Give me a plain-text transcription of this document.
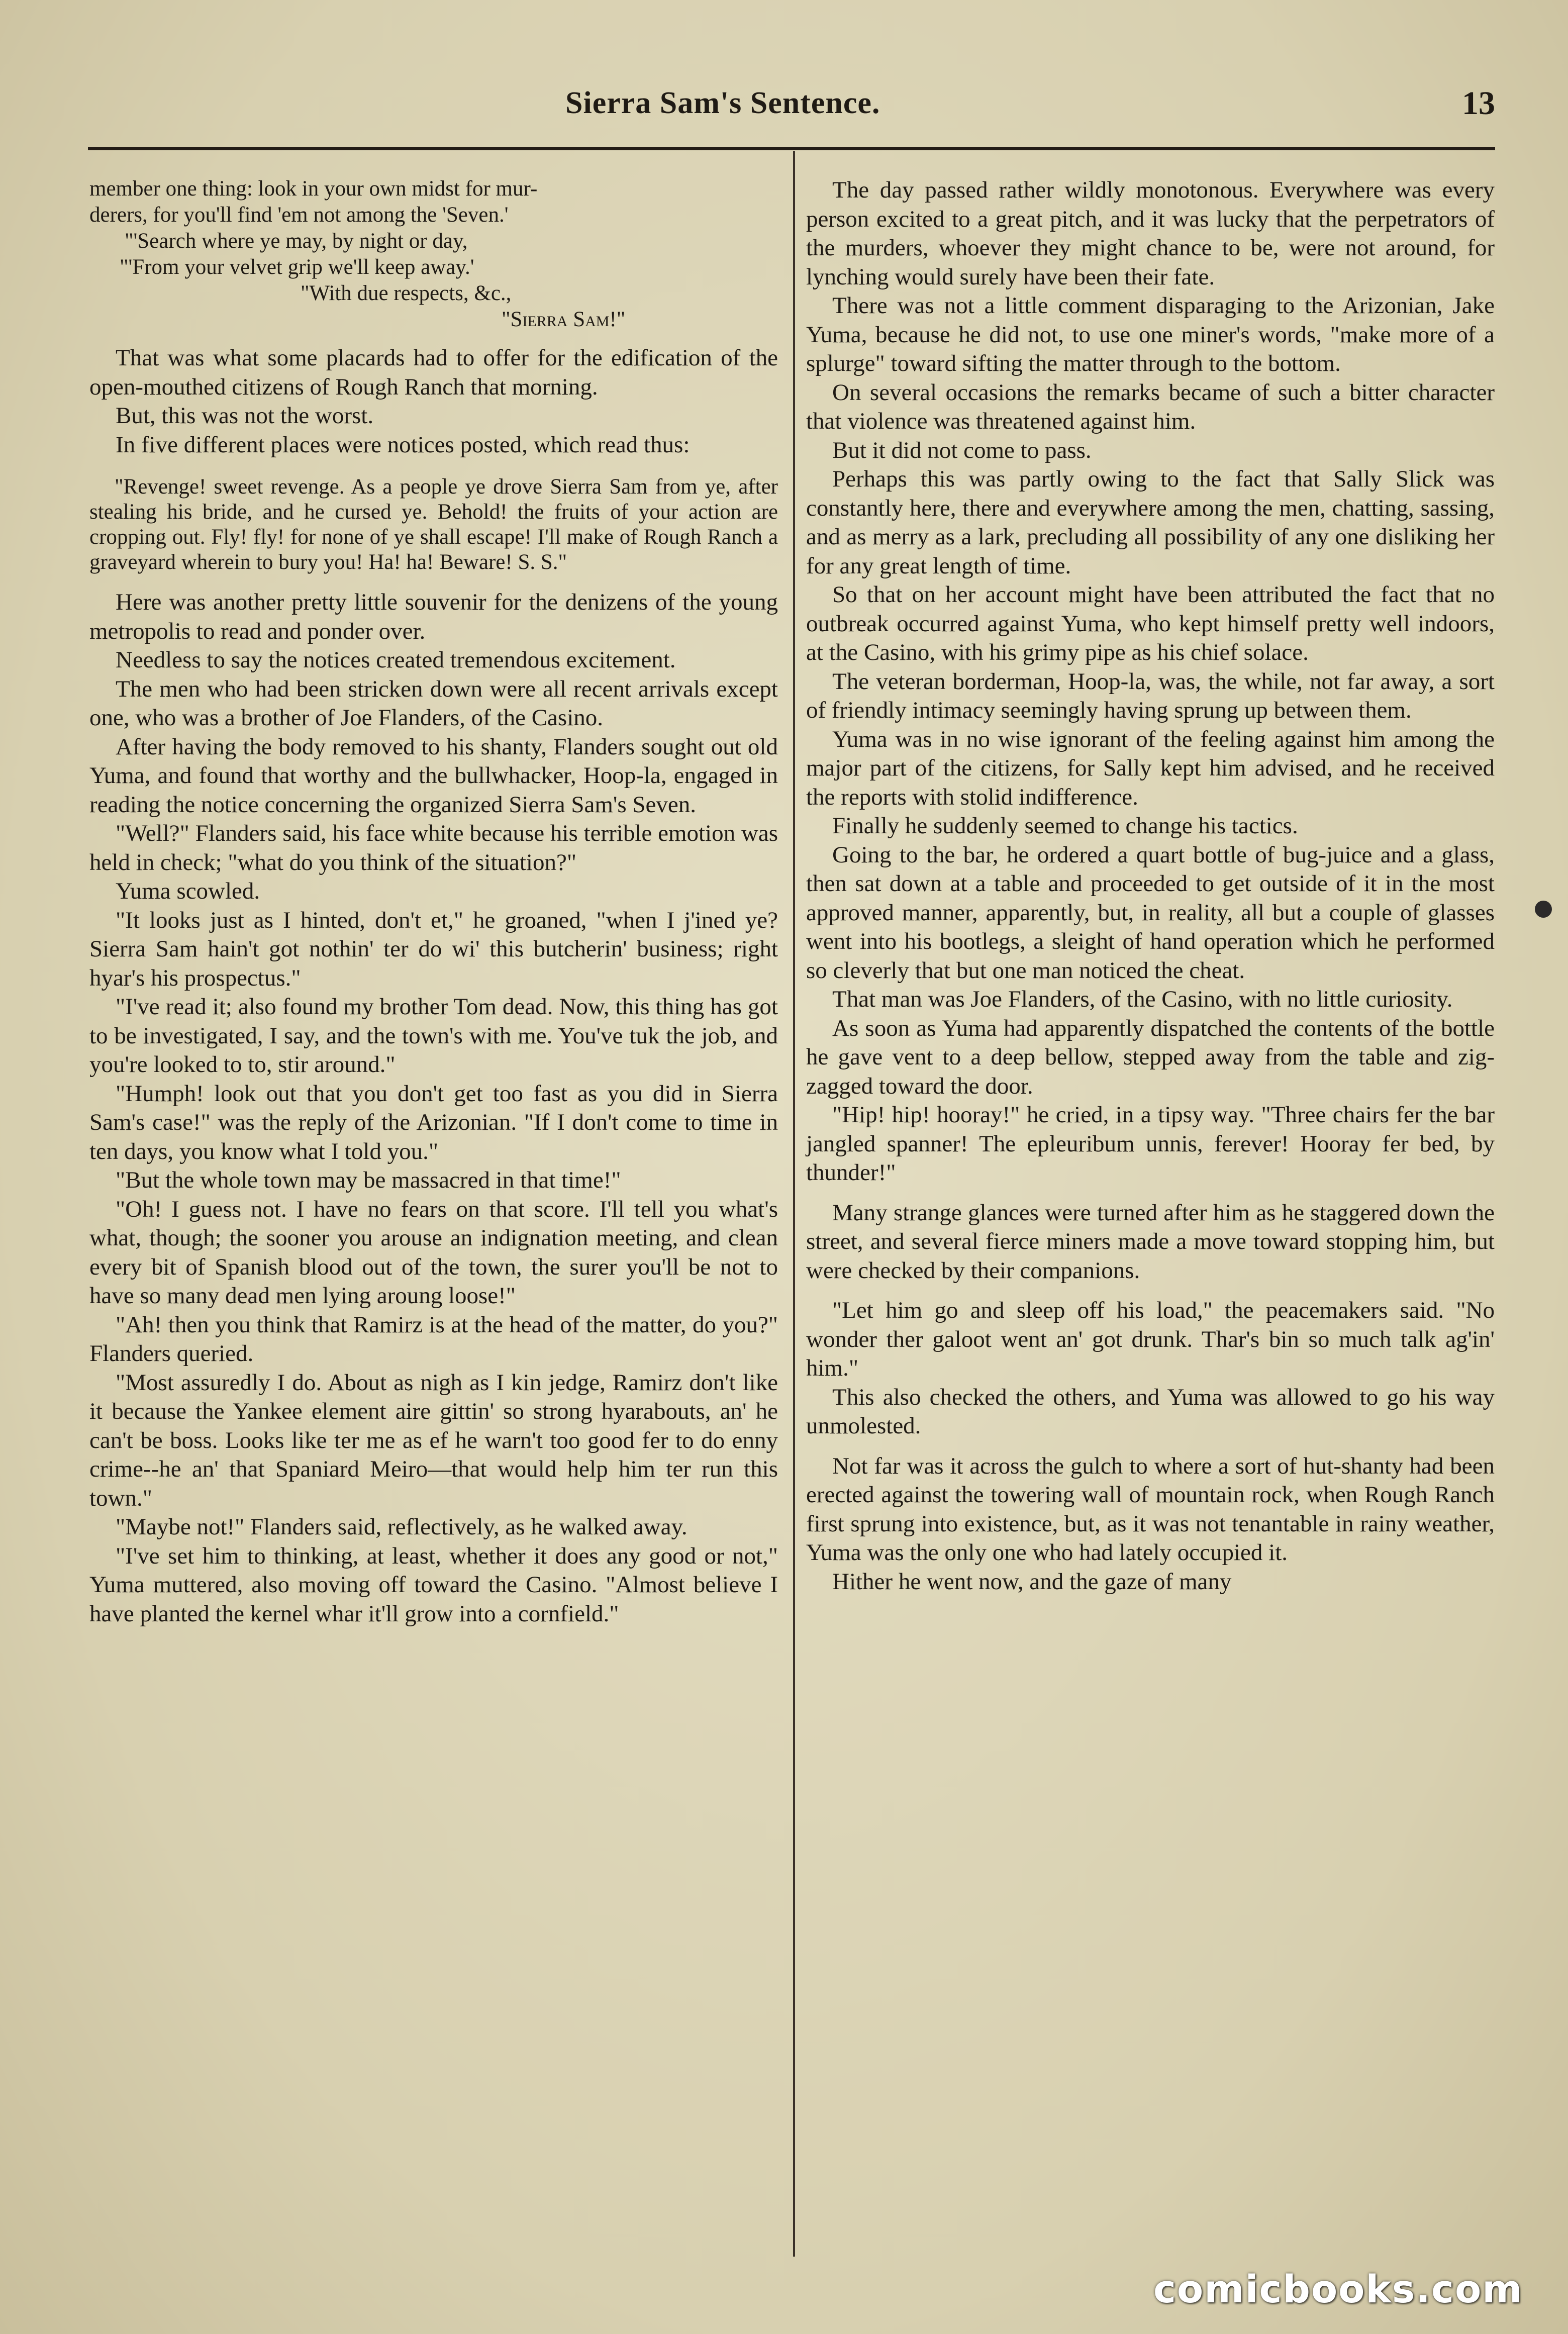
Sierra Sam's Sentence.	13

member one thing: look in your own midst for mur-

derers, for you'll find 'em not among the 'Seven.'

"'Search where ye may, by night or day,

"'From your velvet grip we'll keep away.'

"With due respects, &c.,

"Sierra Sam!"

That was what some placards had to offer for the edification of the open-mouthed citizens of Rough Ranch that morning.

But, this was not the worst.

In five different places were notices posted, which read thus:

"Revenge! sweet revenge. As a people ye drove Sierra Sam from ye, after stealing his bride, and he cursed ye. Behold! the fruits of your action are cropping out. Fly! fly! for none of ye shall escape! I'll make of Rough Ranch a graveyard wherein to bury you! Ha! ha! Beware! S. S."

Here was another pretty little souvenir for the denizens of the young metropolis to read and ponder over.

Needless to say the notices created tremendous excitement.

The men who had been stricken down were all recent arrivals except one, who was a brother of Joe Flanders, of the Casino.

After having the body removed to his shanty, Flanders sought out old Yuma, and found that worthy and the bullwhacker, Hoop-la, engaged in reading the notice concerning the organized Sierra Sam's Seven.

"Well?" Flanders said, his face white because his terrible emotion was held in check; "what do you think of the situation?"

Yuma scowled.

"It looks just as I hinted, don't et," he groaned, "when I j'ined ye? Sierra Sam hain't got nothin' ter do wi' this butcherin' business; right hyar's his prospectus."

"I've read it; also found my brother Tom dead. Now, this thing has got to be investigated, I say, and the town's with me. You've tuk the job, and you're looked to to, stir around."

"Humph! look out that you don't get too fast as you did in Sierra Sam's case!" was the reply of the Arizonian. "If I don't come to time in ten days, you know what I told you."

"But the whole town may be massacred in that time!"

"Oh! I guess not. I have no fears on that score. I'll tell you what's what, though; the sooner you arouse an indignation meeting, and clean every bit of Spanish blood out of the town, the surer you'll be not to have so many dead men lying aroung loose!"

"Ah! then you think that Ramirz is at the head of the matter, do you?" Flanders queried.

"Most assuredly I do. About as nigh as I kin jedge, Ramirz don't like it because the Yankee element aire gittin' so strong hyarabouts, an' he can't be boss. Looks like ter me as ef he warn't too good fer to do enny crime--he an' that Spaniard Meiro—that would help him ter run this town."

"Maybe not!" Flanders said, reflectively, as he walked away.

"I've set him to thinking, at least, whether it does any good or not," Yuma muttered, also moving off toward the Casino. "Almost believe I have planted the kernel whar it'll grow into a cornfield."

The day passed rather wildly monotonous. Everywhere was every person excited to a great pitch, and it was lucky that the perpetrators of the murders, whoever they might chance to be, were not around, for lynching would surely have been their fate.

There was not a little comment disparaging to the Arizonian, Jake Yuma, because he did not, to use one miner's words, "make more of a splurge" toward sifting the matter through to the bottom.

On several occasions the remarks became of such a bitter character that violence was threatened against him.

But it did not come to pass.

Perhaps this was partly owing to the fact that Sally Slick was constantly here, there and everywhere among the men, chatting, sassing, and as merry as a lark, precluding all possibility of any one disliking her for any great length of time.

So that on her account might have been attributed the fact that no outbreak occurred against Yuma, who kept himself pretty well indoors, at the Casino, with his grimy pipe as his chief solace.

The veteran borderman, Hoop-la, was, the while, not far away, a sort of friendly intimacy seemingly having sprung up between them.

Yuma was in no wise ignorant of the feeling against him among the major part of the citizens, for Sally kept him advised, and he received the reports with stolid indifference.

Finally he suddenly seemed to change his tactics.

Going to the bar, he ordered a quart bottle of bug-juice and a glass, then sat down at a table and proceeded to get outside of it in the most approved manner, apparently, but, in reality, all but a couple of glasses went into his bootlegs, a sleight of hand operation which he performed so cleverly that but one man noticed the cheat.

That man was Joe Flanders, of the Casino, with no little curiosity.

As soon as Yuma had apparently dispatched the contents of the bottle he gave vent to a deep bellow, stepped away from the table and zig-zagged toward the door.

"Hip! hip! hooray!" he cried, in a tipsy way. "Three chairs fer the bar jangled spanner! The epleuribum unnis, ferever! Hooray fer bed, by thunder!"

Many strange glances were turned after him as he staggered down the street, and several fierce miners made a move toward stopping him, but were checked by their companions.

"Let him go and sleep off his load," the peacemakers said. "No wonder ther galoot went an' got drunk. Thar's bin so much talk ag'in' him."

This also checked the others, and Yuma was allowed to go his way unmolested.

Not far was it across the gulch to where a sort of hut-shanty had been erected against the towering wall of mountain rock, when Rough Ranch first sprung into existence, but, as it was not tenantable in rainy weather, Yuma was the only one who had lately occupied it.

Hither he went now, and the gaze of many

comicbooks.com
